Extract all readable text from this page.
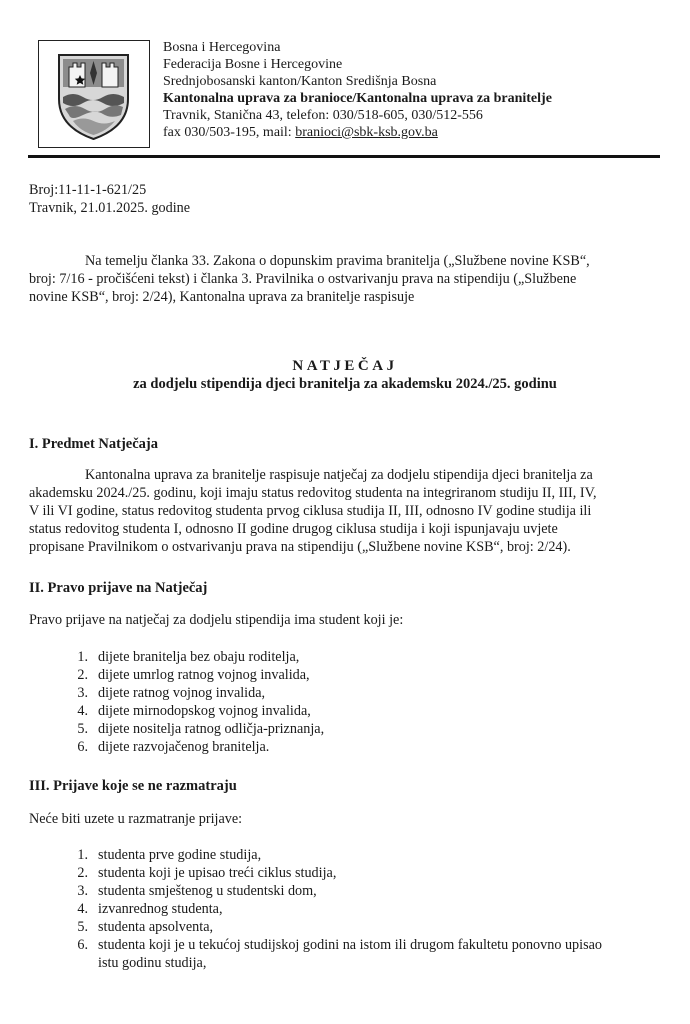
Bosna i Hercegovina
Federacija Bosne i Hercegovine
Srednjobosanski kanton/Kanton Središnja Bosna
Kantonalna uprava za branioce/Kantonalna uprava za branitelje
Travnik, Stanična 43, telefon: 030/518-605, 030/512-556
fax 030/503-195, mail: branioci@sbk-ksb.gov.ba
Broj:11-11-1-621/25
Travnik, 21.01.2025. godine
Na temelju članka 33. Zakona o dopunskim pravima branitelja („Službene novine KSB“,
broj: 7/16 - pročišćeni tekst) i članka 3. Pravilnika o ostvarivanju prava na stipendiju („Službene
novine KSB“, broj: 2/24), Kantonalna uprava za branitelje raspisuje
NATJEČAJ
za dodjelu stipendija djeci branitelja za akademsku 2024./25. godinu
I. Predmet Natječaja
Kantonalna uprava za branitelje raspisuje natječaj za dodjelu stipendija djeci branitelja za
akademsku 2024./25. godinu, koji imaju status redovitog studenta na integriranom studiju II, III, IV,
V ili VI godine, status redovitog studenta prvog ciklusa studija II, III, odnosno IV godine studija ili
status redovitog studenta I, odnosno II godine drugog ciklusa studija i koji ispunjavaju uvjete
propisane Pravilnikom o ostvarivanju prava na stipendiju („Službene novine KSB“, broj: 2/24).
II. Pravo prijave na Natječaj
Pravo prijave na natječaj za dodjelu stipendija ima student koji je:
1. dijete branitelja bez obaju roditelja,
2. dijete umrlog ratnog vojnog invalida,
3. dijete ratnog vojnog invalida,
4. dijete mirnodopskog vojnog invalida,
5. dijete nositelja ratnog odličja-priznanja,
6. dijete razvojačenog branitelja.
III. Prijave koje se ne razmatraju
Neće biti uzete u razmatranje prijave:
1. studenta prve godine studija,
2. studenta koji je upisao treći ciklus studija,
3. studenta smještenog u studentski dom,
4. izvanrednog studenta,
5. studenta apsolventa,
6. studenta koji je u tekućoj studijskoj godini na istom ili drugom fakultetu ponovno upisao
istu godinu studija,
